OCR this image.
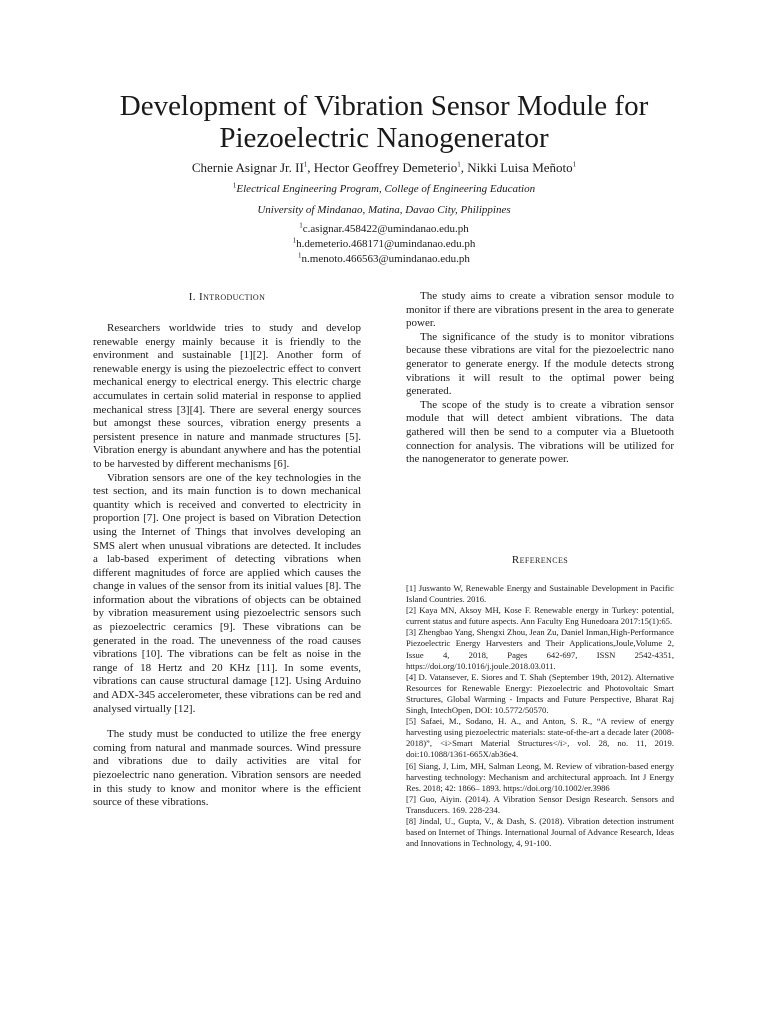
Development of Vibration Sensor Module for
Piezoelectric Nanogenerator
Chernie Asignar Jr. $II^1$, Hector Geoffrey Demeterio$^1$, Nikki Luisa Meñoto$^1$
$^1$Electrical Engineering Program, College of Engineering Education
University of Mindanao, Matina, Davao City, Philippines
$^1$c.asignar.458422@umindanao.edu.ph
$^1$h.demeterio.468171@umindanao.edu.ph
$^1$n.menoto.466563@umindanao.edu.ph
I. Introduction

Researchers worldwide tries to study and develop renewable energy mainly because it is friendly to the environment and sustainable [1][2]. Another form of renewable energy is using the piezoelectric effect to convert mechanical energy to electrical energy. This electric charge accumulates in certain solid material in response to applied mechanical stress [3][4]. There are several energy sources but amongst these sources, vibration energy presents a persistent presence in nature and manmade structures [5]. Vibration energy is abundant anywhere and has the potential to be harvested by different mechanisms [6].

Vibration sensors are one of the key technologies in the test section, and its main function is to down mechanical quantity which is received and converted to electricity in proportion [7]. One project is based on Vibration Detection using the Internet of Things that involves developing an SMS alert when unusual vibrations are detected. It includes a lab-based experiment of detecting vibrations when different magnitudes of force are applied which causes the change in values of the sensor from its initial values [8]. The information about the vibrations of objects can be obtained by vibration measurement using piezoelectric sensors such as piezoelectric ceramics [9]. These vibrations can be generated in the road. The unevenness of the road causes vibrations [10]. The vibrations can be felt as noise in the range of 18 Hertz and 20 KHz [11]. In some events, vibrations can cause structural damage [12]. Using Arduino and ADX-345 accelerometer, these vibrations can be red and analysed virtually [12].

The study must be conducted to utilize the free energy coming from natural and manmade sources. Wind pressure and vibrations due to daily activities are vital for piezoelectric nano generation. Vibration sensors are needed in this study to know and monitor where is the efficient source of these vibrations.

The study aims to create a vibration sensor module to monitor if there are vibrations present in the area to generate power.

The significance of the study is to monitor vibrations because these vibrations are vital for the piezoelectric nano generator to generate energy. If the module detects strong vibrations it will result to the optimal power being generated.

The scope of the study is to create a vibration sensor module that will detect ambient vibrations. The data gathered will then be send to a computer via a Bluetooth connection for analysis. The vibrations will be utilized for the nanogenerator to generate power.

References

[1] Juswanto W, Renewable Energy and Sustainable Development in Pacific Island Countries. 2016.

[2] Kaya MN, Aksoy MH, Kose F. Renewable energy in Turkey: potential, current status and future aspects. Ann Faculty Eng Hunedoara 2017:15(1):65.

[3] Zhengbao Yang, Shengxi Zhou, Jean Zu, Daniel Inman,High-Performance Piezoelectric Energy Harvesters and Their Applications,Joule,Volume 2, Issue 4, 2018, Pages 642-697, ISSN 2542-4351, https://doi.org/10.1016/j.joule.2018.03.011.

[4] D. Vatansever, E. Siores and T. Shah (September 19th, 2012). Alternative Resources for Renewable Energy: Piezoelectric and Photovoltaic Smart Structures, Global Warming - Impacts and Future Perspective, Bharat Raj Singh, IntechOpen, DOI: 10.5772/50570.

[5] Safaei, M., Sodano, H. A., and Anton, S. R., “A review of energy harvesting using piezoelectric materials: state-of-the-art a decade later (2008-2018)”, <i>Smart Material Structures</i>, vol. 28, no. 11, 2019. doi:10.1088/1361-665X/ab36e4.

[6] Siang, J, Lim, MH, Salman Leong, M. Review of vibration-based energy harvesting technology: Mechanism and architectural approach. Int J Energy Res. 2018; 42: 1866– 1893. https://doi.org/10.1002/er.3986

[7] Guo, Aiyin. (2014). A Vibration Sensor Design Research. Sensors and Transducers. 169. 228-234.

[8] Jindal, U., Gupta, V., & Dash, S. (2018). Vibration detection instrument based on Internet of Things. International Journal of Advance Research, Ideas and Innovations in Technology, 4, 91-100.
